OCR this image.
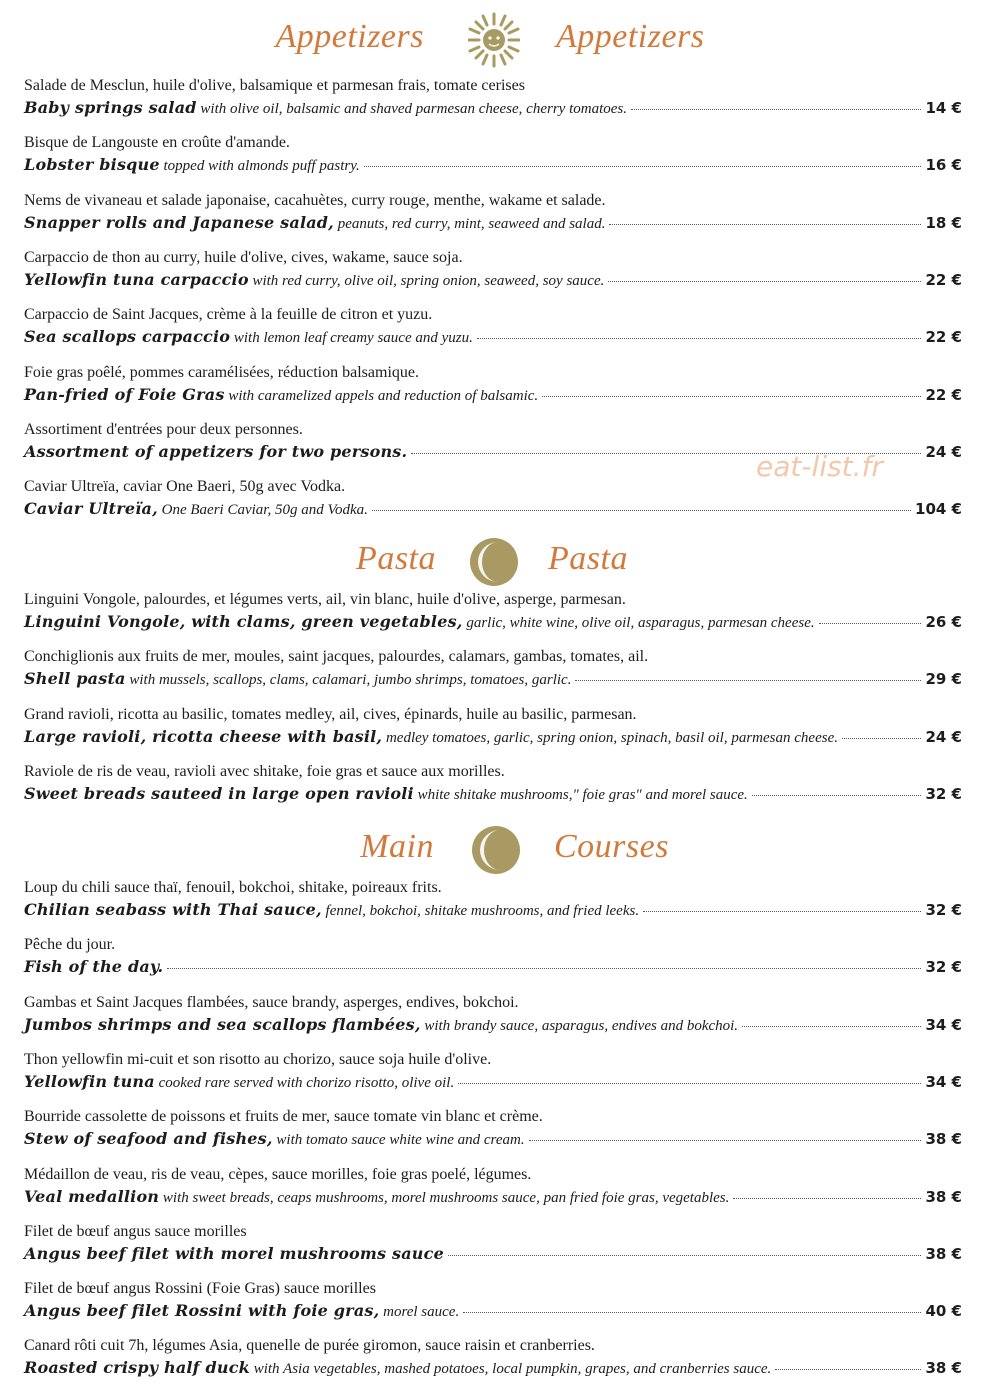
Appetizers	Appetizers
Salade de Mesclun, huile d'olive, balsamique et parmesan frais, tomate cerises
Baby springs salad with olive oil, balsamic and shaved parmesan cheese, cherry tomatoes.	14 €
Bisque de Langouste en croûte d'amande.
Lobster bisque topped with almonds puff pastry.	16 €
Nems de vivaneau et salade japonaise, cacahuètes, curry rouge, menthe, wakame et salade.
Snapper rolls and Japanese salad, peanuts, red curry, mint, seaweed and salad.	18 €
Carpaccio de thon au curry, huile d'olive, cives, wakame, sauce soja.
Yellowfin tuna carpaccio with red curry, olive oil, spring onion, seaweed, soy sauce.	22 €
Carpaccio de Saint Jacques, crème à la feuille de citron et yuzu.
Sea scallops carpaccio with lemon leaf creamy sauce and yuzu.	22 €
Foie gras poêlé, pommes caramélisées, réduction balsamique.
Pan-fried of Foie Gras with caramelized appels and reduction of balsamic.	22 €
Assortiment d'entrées pour deux personnes.
Assortment of appetizers for two persons.	24 €
Caviar Ultreïa, caviar One Baeri, 50g avec Vodka.
Caviar Ultreïa, One Baeri Caviar, 50g and Vodka.	104 €
Pasta	Pasta
Linguini Vongole, palourdes, et légumes verts, ail, vin blanc, huile d'olive, asperge, parmesan.
Linguini Vongole, with clams, green vegetables, garlic, white wine, olive oil, asparagus, parmesan cheese.	26 €
Conchiglionis aux fruits de mer, moules, saint jacques, palourdes, calamars, gambas, tomates, ail.
Shell pasta with mussels, scallops, clams, calamari, jumbo shrimps, tomatoes, garlic.	29 €
Grand ravioli, ricotta au basilic, tomates medley, ail, cives, épinards, huile au basilic, parmesan.
Large ravioli, ricotta cheese with basil, medley tomatoes, garlic, spring onion, spinach, basil oil, parmesan cheese.	24 €
Raviole de ris de veau, ravioli avec shitake, foie gras et sauce aux morilles.
Sweet breads sauteed in large open ravioli white shitake mushrooms," foie gras" and morel sauce.	32 €
Main	Courses
Loup du chili sauce thaï, fenouil, bokchoi, shitake, poireaux frits.
Chilian seabass with Thai sauce, fennel, bokchoi, shitake mushrooms, and fried leeks.	32 €
Pêche du jour.
Fish of the day.	32 €
Gambas et Saint Jacques flambées, sauce brandy, asperges, endives, bokchoi.
Jumbos shrimps and sea scallops flambées, with brandy sauce, asparagus, endives and bokchoi.	34 €
Thon yellowfin mi-cuit et son risotto au chorizo, sauce soja huile d'olive.
Yellowfin tuna cooked rare served with chorizo risotto, olive oil.	34 €
Bourride cassolette de poissons et fruits de mer, sauce tomate vin blanc et crème.
Stew of seafood and fishes, with tomato sauce white wine and cream.	38 €
Médaillon de veau, ris de veau, cèpes, sauce morilles, foie gras poelé, légumes.
Veal medallion with sweet breads, ceaps mushrooms, morel mushrooms sauce, pan fried foie gras, vegetables.	38 €
Filet de bœuf angus sauce morilles
Angus beef filet with morel mushrooms sauce	38 €
Filet de bœuf angus Rossini (Foie Gras) sauce morilles
Angus beef filet Rossini with foie gras, morel sauce.	40 €
Canard rôti cuit 7h, légumes Asia, quenelle de purée giromon, sauce raisin et cranberries.
Roasted crispy half duck with Asia vegetables, mashed potatoes, local pumpkin, grapes, and cranberries sauce.	38 €
eat-list.fr
